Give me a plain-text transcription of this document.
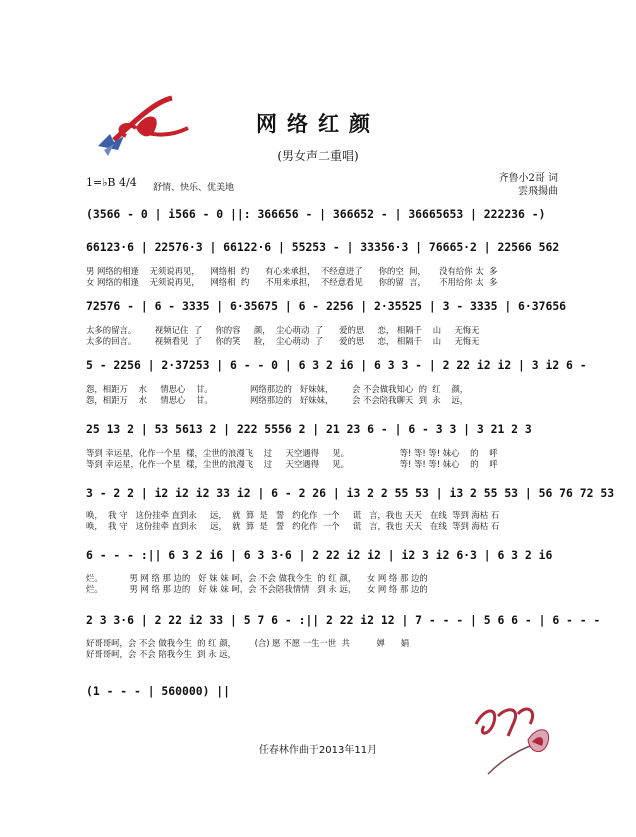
网络红颜
(男女声二重唱)
1=♭B 4/4 舒情、快乐、优美地
齐鲁小2哥 词
雲飛揚曲
(3566 - 0 | i566 - 0 ||: 366656 - | 366652 - | 36665653 | 222236 -)
66123·6 | 22576·3 | 66122·6 | 55253 - | 33356·3 | 76665·2 | 22566 562
男 网络的相逢    无须说再见，    网络相  约      有心来承担，  不经意进了      你的空  间，     没有给你 太  多
女 网络的相逢    无须说再见，    网络相  约      不用来承担，  不经意看见      你的留  言，     不用给你 太  多
72576 - | 6 - 3335 | 6·35675 | 6 - 2256 | 2·35525 | 3 - 3335 | 6·37656
太多的留言。       视频记住  了     你的容     颜，  尘心萌动  了      爱的思     恋， 相隔千    山     无悔无
太多的回言。       视频看见  了     你的笑     脸，  尘心萌动  了      爱的思     恋， 相隔千    山     无悔无
5 - 2256 | 2·37253 | 6 - - 0 | 6 3 2 i6 | 6 3 3 - | 2 22 i2 i2 | 3 i2 6 -
怨，相距万    水     情思心    甘。              网络那边的   好妹妹，       会 不会做我知心  的  红    颜，
怨，相距万    水     情思心    甘。              网络那边的   好妹妹，       会 不会陪我聊天  到  永    远，
25 13 2 | 53 5613 2 | 222 5556 2 | 21 23 6 - | 6 - 3 3 | 3 21 2 3
等到 幸运星，化作一个星  樣，尘世的浪漫飞    过     天空遇得     见。                   等! 等! 等! 妹心    的    呼
等到 幸运星，化作一个星  樣，尘世的浪漫飞    过     天空遇得     见。                   等! 等! 等! 妹心    的    呼
3 - 2 2 | i2 i2 i2 33 i2 | 6 - 2 26 | i3 2 2 55 53 | i3 2 55 53 | 56 76 72 53
唤，  我 守   这份挂牵 直到永     远，  就  算  是   誓   约化作  一个     谎   言，我也 天天   在线  等到 海枯 石
唤，  我 守   这份挂牵 直到永     远，  就  算  是   誓   约化作  一个     谎   言，我也 天天   在线  等到 海枯 石
6 - - - :|| 6 3 2 i6 | 6 3 3·6 | 2 22 i2 i2 | i2 3 i2 6·3 | 6 3 2 i6
烂。          男 网 络 那 边的   好 妹 妹 呵，会 不会 做我今生  的 红 颜，    女 网 络 那 边的
烂。          男 网 络 那 边的   好 妹 妹 呵，会 不会陪我情情   到 永 远，    女 网 络 那 边的
2 3 3·6 | 2 22 i2 33 | 5 7 6 - :|| 2 22 i2 12 | 7 - - - | 5 6 6 - | 6 - - -
好哥哥呵，会 不会 做我今生  的 红 颜，       (合) 愿 不愿 一生一世  共          婵      娟
好哥哥呵，会 不会 陪我今生  到 永 远，
(1 - - - | 560000) ||
任春林作曲于2013年11月
